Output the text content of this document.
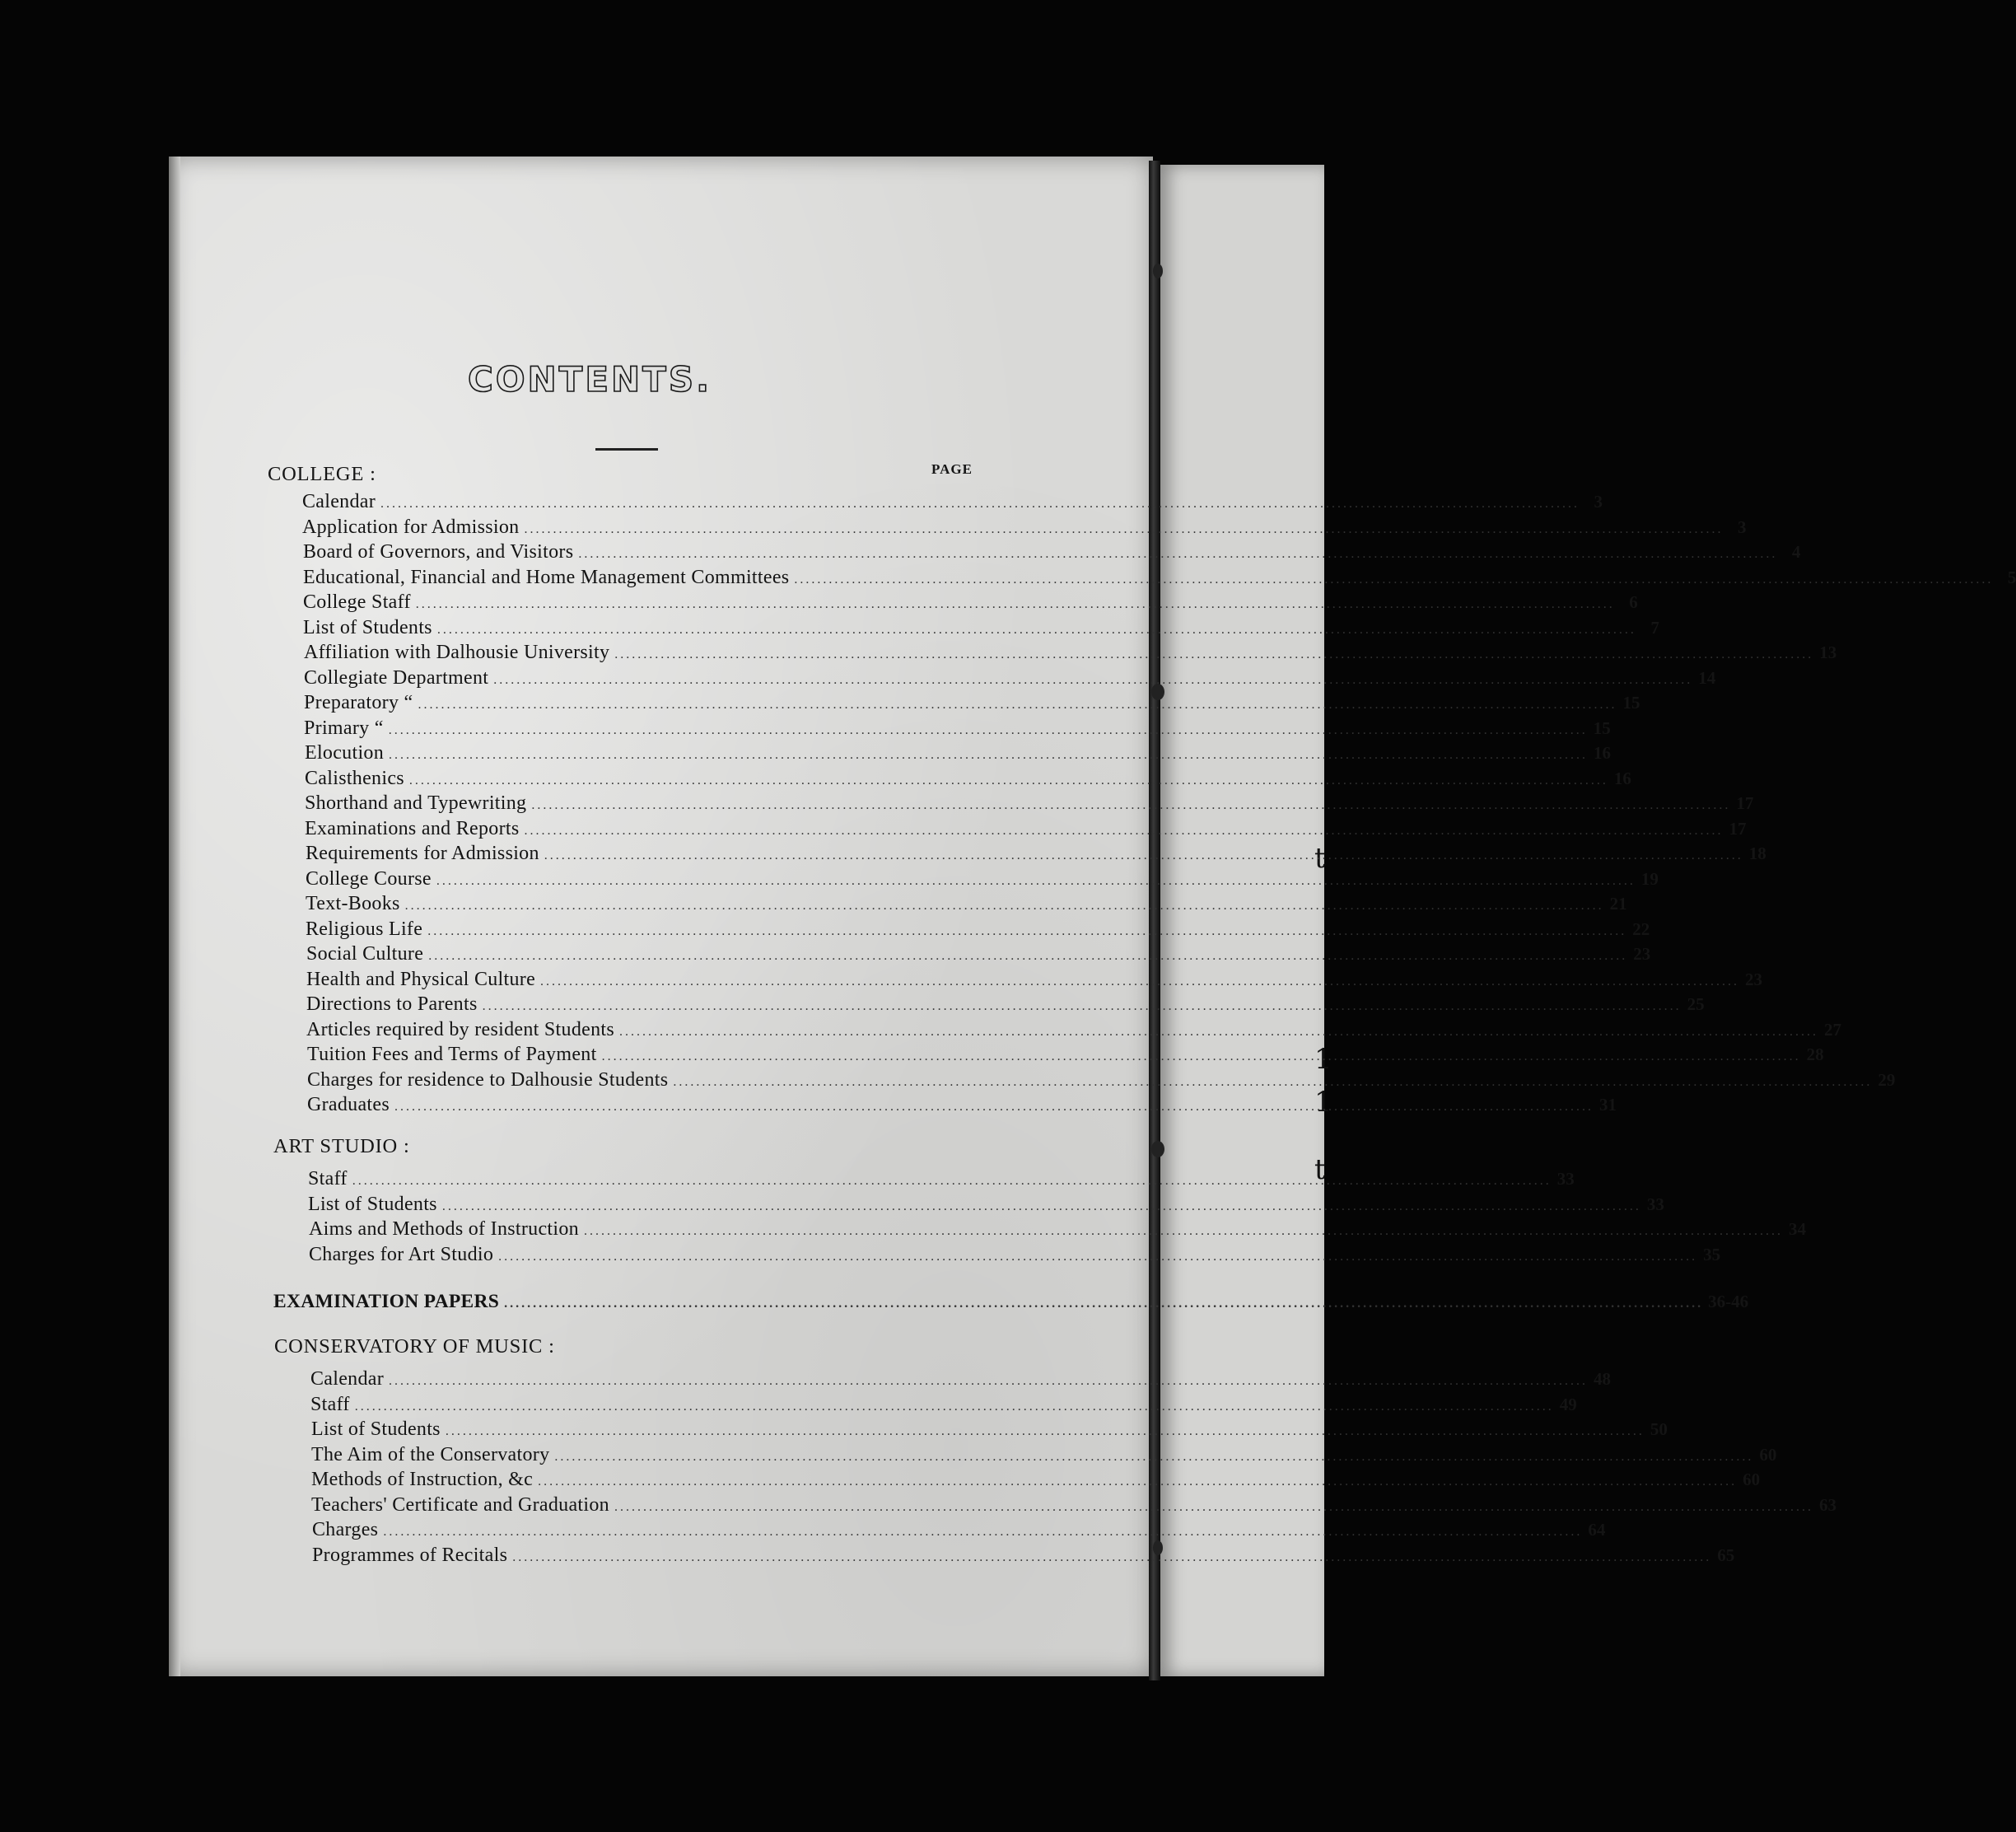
t
1
1
t
CONTENTS.
COLLEGE :	PAGE
Calendar .....	3
Application for Admission .....	3
Board of Governors, and Visitors .....	4
Educational, Financial and Home Management Committees .....	5
College Staff .....	6
List of Students .....	7
Affiliation with Dalhousie University .....	13
Collegiate Department .....	14
Preparatory “ .....	15
Primary “ .....	15
Elocution .....	16
Calisthenics .....	16
Shorthand and Typewriting .....	17
Examinations and Reports .....	17
Requirements for Admission .....	18
College Course .....	19
Text-Books .....	21
Religious Life .....	22
Social Culture .....	23
Health and Physical Culture .....	23
Directions to Parents .....	25
Articles required by resident Students .....	27
Tuition Fees and Terms of Payment .....	28
Charges for residence to Dalhousie Students .....	29
Graduates .....	31
ART STUDIO :
Staff .....	33
List of Students .....	33
Aims and Methods of Instruction .....	34
Charges for Art Studio .....	35
EXAMINATION PAPERS .....	36-46
CONSERVATORY OF MUSIC :
Calendar .....	48
Staff .....	49
List of Students .....	50
The Aim of the Conservatory .....	60
Methods of Instruction, &c .....	60
Teachers' Certificate and Graduation .....	63
Charges .....	64
Programmes of Recitals .....	65
